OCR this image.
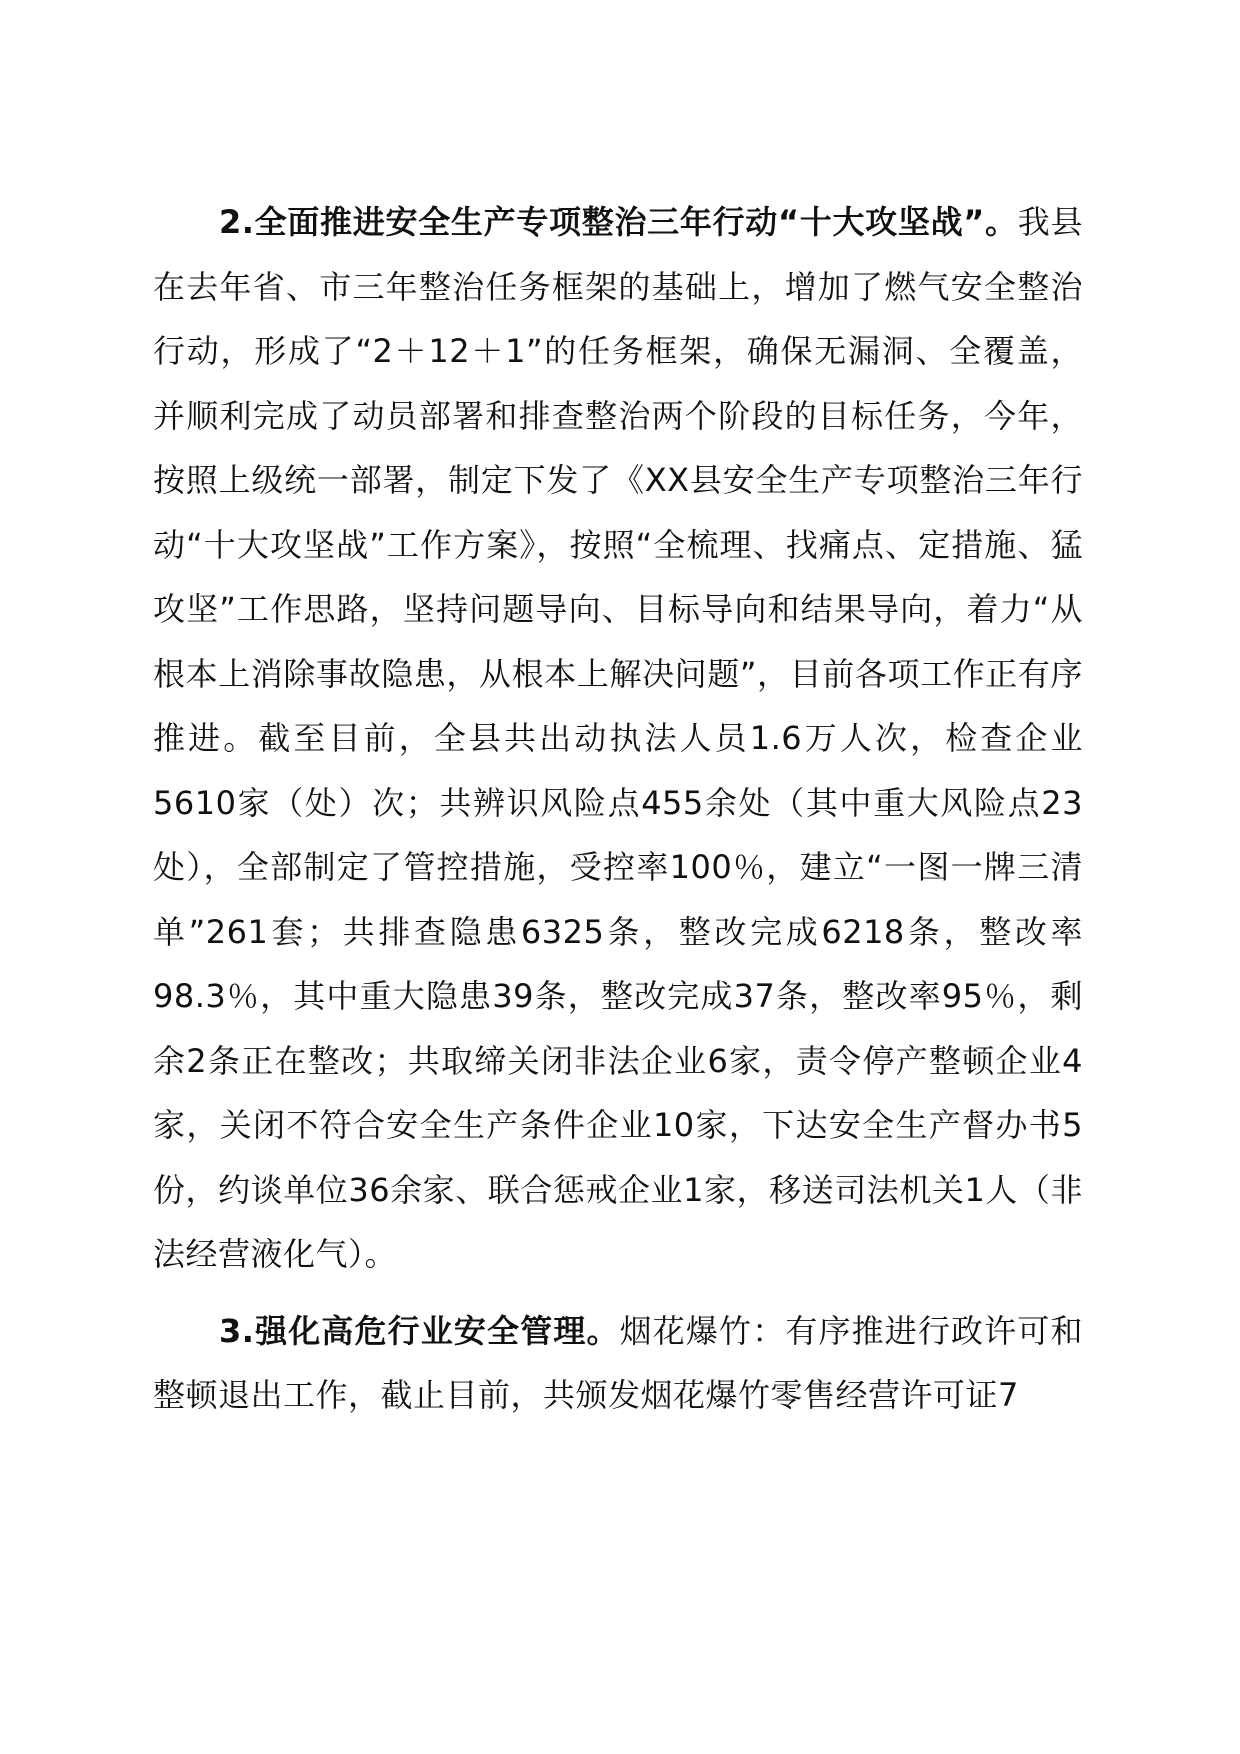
2.全面推进安全生产专项整治三年行动“十大攻坚战”。我县在去年省、市三年整治任务框架的基础上，增加了燃气安全整治行动，形成了“2＋12＋1”的任务框架，确保无漏洞、全覆盖，并顺利完成了动员部署和排查整治两个阶段的目标任务，今年，按照上级统一部署，制定下发了《XX县安全生产专项整治三年行动“十大攻坚战”工作方案》，按照“全梳理、找痛点、定措施、猛攻坚”工作思路，坚持问题导向、目标导向和结果导向，着力“从根本上消除事故隐患，从根本上解决问题”，目前各项工作正有序推进。截至目前，全县共出动执法人员1.6万人次，检查企业5610家（处）次；共辨识风险点455余处（其中重大风险点23处），全部制定了管控措施，受控率100％，建立“一图一牌三清单”261套；共排查隐患6325条，整改完成6218条，整改率98.3％，其中重大隐患39条，整改完成37条，整改率95％，剩余2条正在整改；共取缔关闭非法企业6家，责令停产整顿企业4家，关闭不符合安全生产条件企业10家，下达安全生产督办书5份，约谈单位36余家、联合惩戒企业1家，移送司法机关1人（非法经营液化气）。

3.强化高危行业安全管理。烟花爆竹：有序推进行政许可和整顿退出工作，截止目前，共颁发烟花爆竹零售经营许可证7
